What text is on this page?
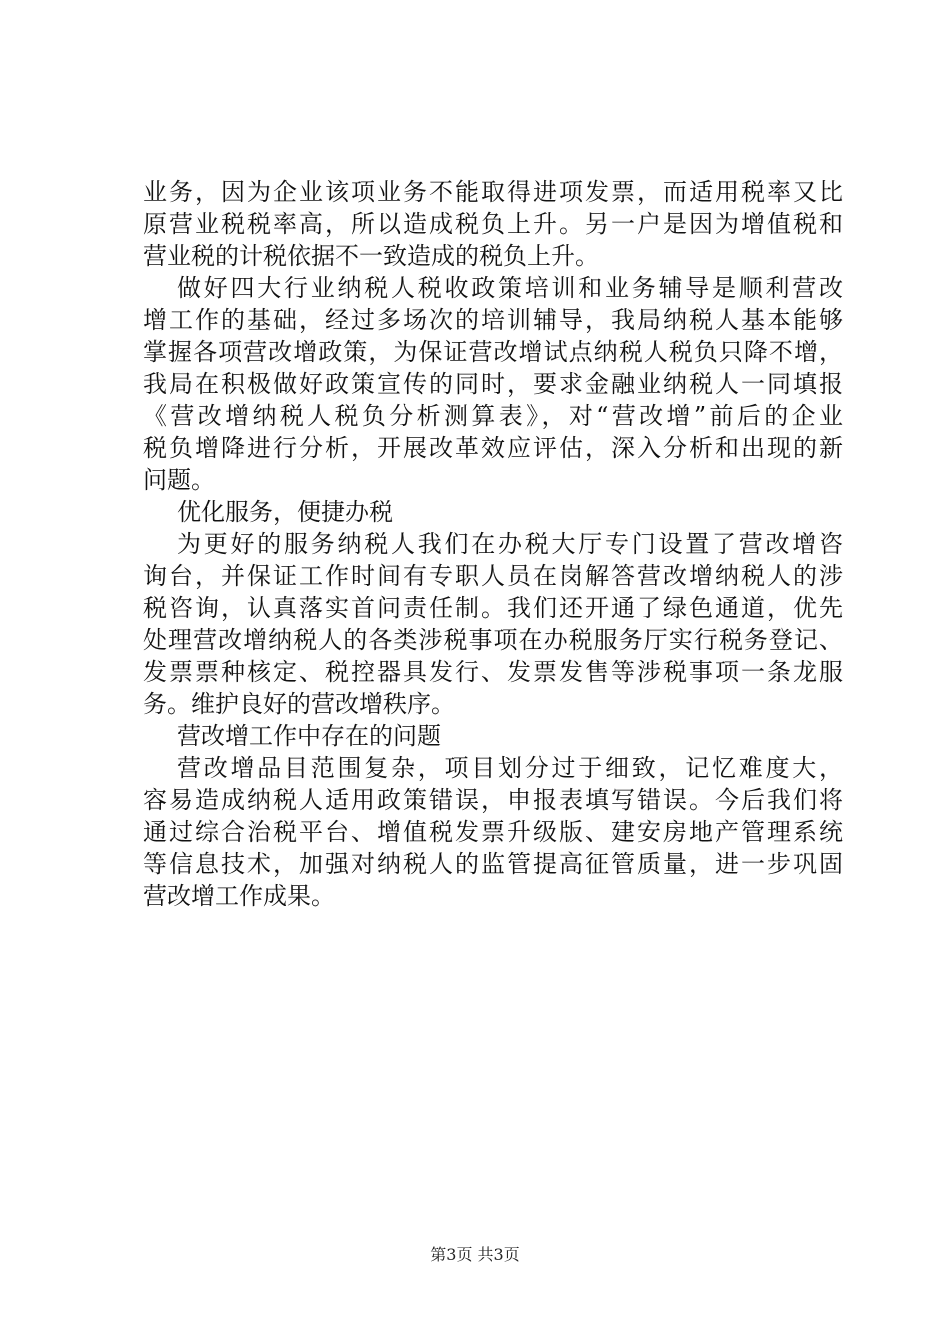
业务，因为企业该项业务不能取得进项发票，而适用税率又比
原营业税税率高，所以造成税负上升。另一户是因为增值税和
营业税的计税依据不一致造成的税负上升。
做好四大行业纳税人税收政策培训和业务辅导是顺利营改
增工作的基础，经过多场次的培训辅导，我局纳税人基本能够
掌握各项营改增政策，为保证营改增试点纳税人税负只降不增，
我局在积极做好政策宣传的同时，要求金融业纳税人一同填报
《营改增纳税人税负分析测算表》，对“营改增”前后的企业
税负增降进行分析，开展改革效应评估，深入分析和出现的新
问题。
优化服务，便捷办税
为更好的服务纳税人我们在办税大厅专门设置了营改增咨
询台，并保证工作时间有专职人员在岗解答营改增纳税人的涉
税咨询，认真落实首问责任制。我们还开通了绿色通道，优先
处理营改增纳税人的各类涉税事项在办税服务厅实行税务登记、
发票票种核定、税控器具发行、发票发售等涉税事项一条龙服
务。维护良好的营改增秩序。
营改增工作中存在的问题
营改增品目范围复杂，项目划分过于细致，记忆难度大，
容易造成纳税人适用政策错误，申报表填写错误。今后我们将
通过综合治税平台、增值税发票升级版、建安房地产管理系统
等信息技术，加强对纳税人的监管提高征管质量，进一步巩固
营改增工作成果。
第3页 共3页
